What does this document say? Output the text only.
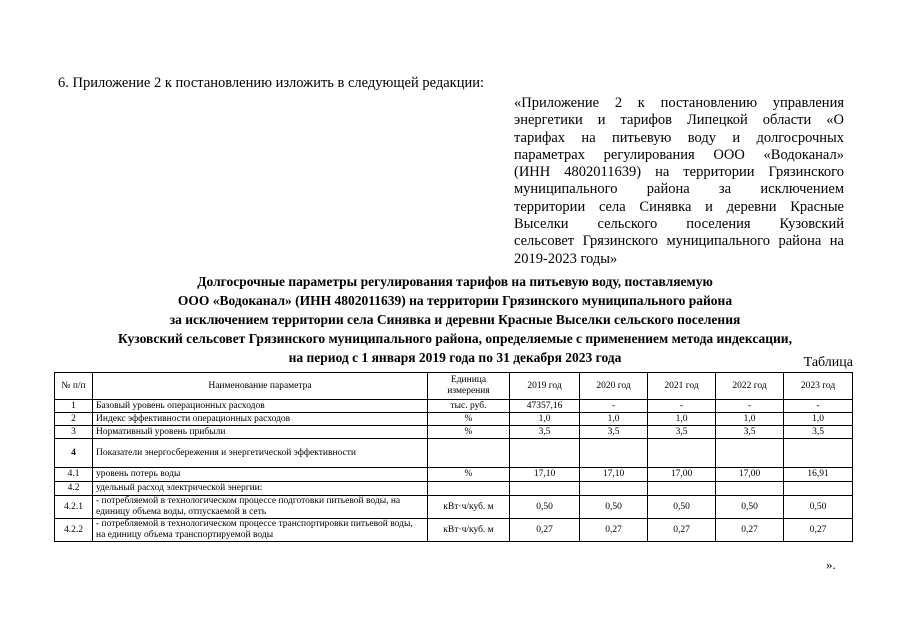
6. Приложение 2 к постановлению изложить в следующей редакции:
«Приложение 2 к постановлению управления
энергетики и тарифов Липецкой области «О
тарифах на питьевую воду и долгосрочных
параметрах регулирования ООО «Водоканал»
(ИНН 4802011639) на территории Грязинского
муниципального района за исключением
территории села Синявка и деревни Красные
Выселки сельского поселения Кузовский
сельсовет Грязинского муниципального района на
2019-2023 годы»
Долгосрочные параметры регулирования тарифов на питьевую воду, поставляемую
ООО «Водоканал» (ИНН 4802011639) на территории Грязинского муниципального района
за исключением территории села Синявка и деревни Красные Выселки сельского поселения
Кузовский сельсовет Грязинского муниципального района, определяемые с применением метода индексации,
на период с 1 января 2019 года по 31 декабря 2023 года	Таблица
№ п/п	Наименование параметра	Единица измерения	2019 год	2020 год	2021 год	2022 год	2023 год
1	Базовый уровень операционных расходов	тыс. руб.	47357,16	-	-	-	-
2	Индекс эффективности операционных расходов	%	1,0	1,0	1,0	1,0	1,0
3	Нормативный уровень прибыли	%	3,5	3,5	3,5	3,5	3,5
4	Показатели энергосбережения и энергетической эффективности						
4.1	уровень потерь воды	%	17,10	17,10	17,00	17,00	16,91
4.2	удельный расход электрической энергии:						
4.2.1	- потребляемой в технологическом процессе подготовки питьевой воды, на единицу объема воды, отпускаемой в сеть	кВт·ч/куб. м	0,50	0,50	0,50	0,50	0,50
4.2.2	- потребляемой в технологическом процессе транспортировки питьевой воды, на единицу объема транспортируемой воды	кВт·ч/куб. м	0,27	0,27	0,27	0,27	0,27
».
